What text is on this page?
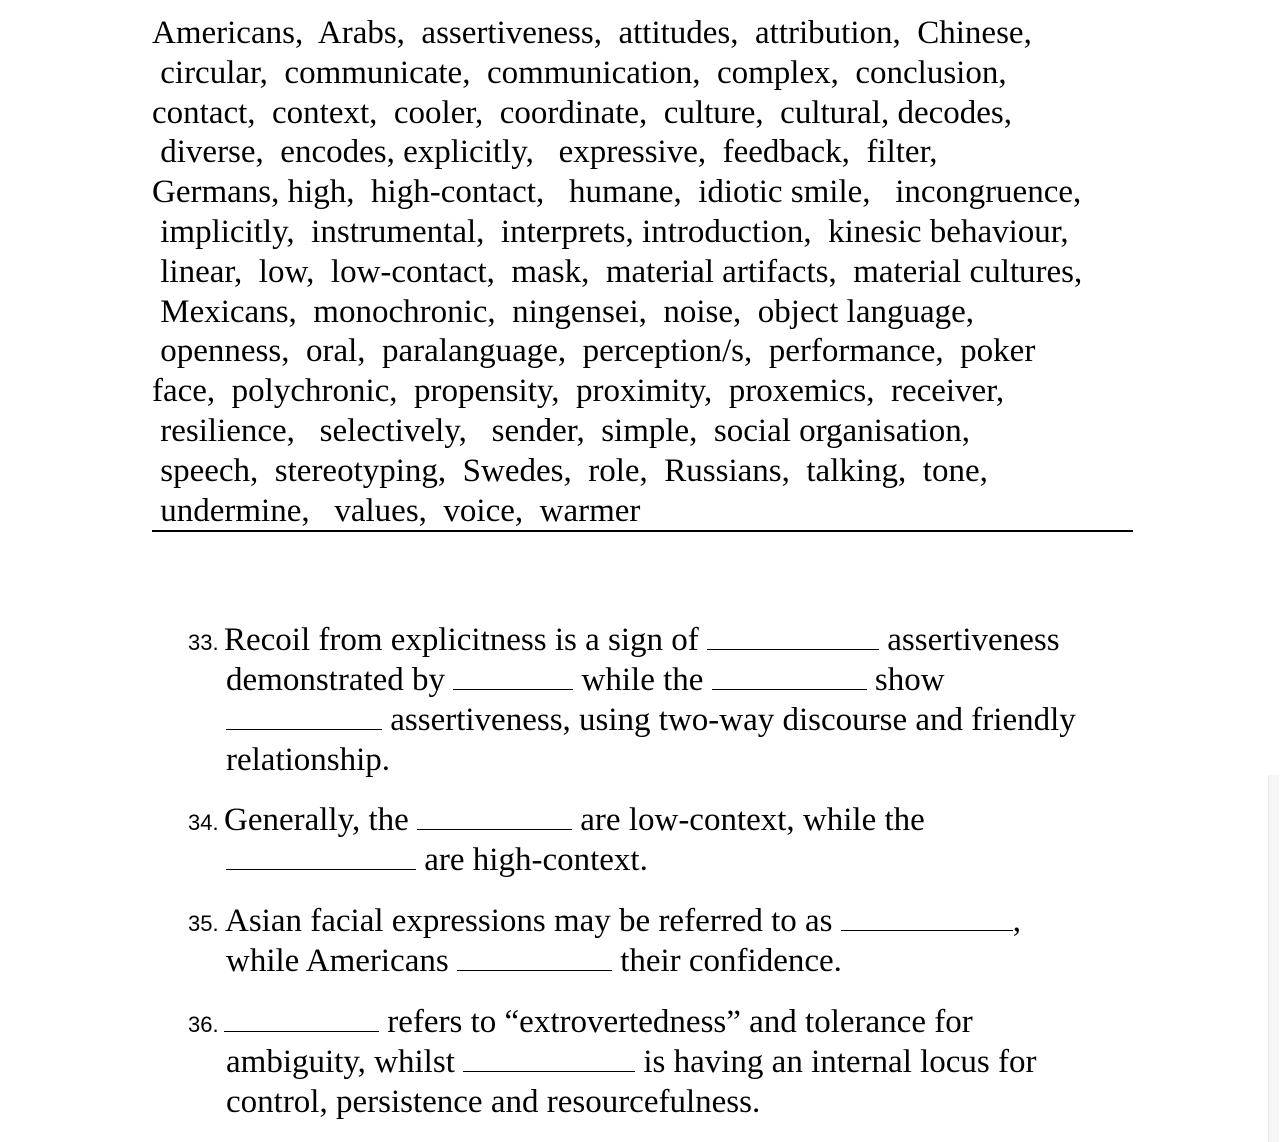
Americans,  Arabs,  assertiveness,  attitudes,  attribution,  Chinese,
circular,  communicate,  communication,  complex,  conclusion,
contact,  context,  cooler,  coordinate,  culture,  cultural, decodes,
diverse,  encodes, explicitly,   expressive,  feedback,  filter,
Germans, high,  high-contact,   humane,  idiotic smile,   incongruence,
implicitly,  instrumental,  interprets, introduction,  kinesic behaviour,
linear,  low,  low-contact,  mask,  material artifacts,  material cultures,
Mexicans,  monochronic,  ningensei,  noise,  object language,
openness,  oral,  paralanguage,  perception/s,  performance,  poker
face,  polychronic,  propensity,  proximity,  proxemics,  receiver,
resilience,   selectively,   sender,  simple,  social organisation,
speech,  stereotyping,  Swedes,  role,  Russians,  talking,  tone,
undermine,   values,  voice,  warmer
33. Recoil from explicitness is a sign of	assertiveness
demonstrated by	while the	show
assertiveness, using two-way discourse and friendly
relationship.
34. Generally, the	are low-context, while the
are high-context.
35. Asian facial expressions may be referred to as	,
while Americans	their confidence.
36.	refers to “extrovertedness” and tolerance for
ambiguity, whilst	is having an internal locus for
control, persistence and resourcefulness.
